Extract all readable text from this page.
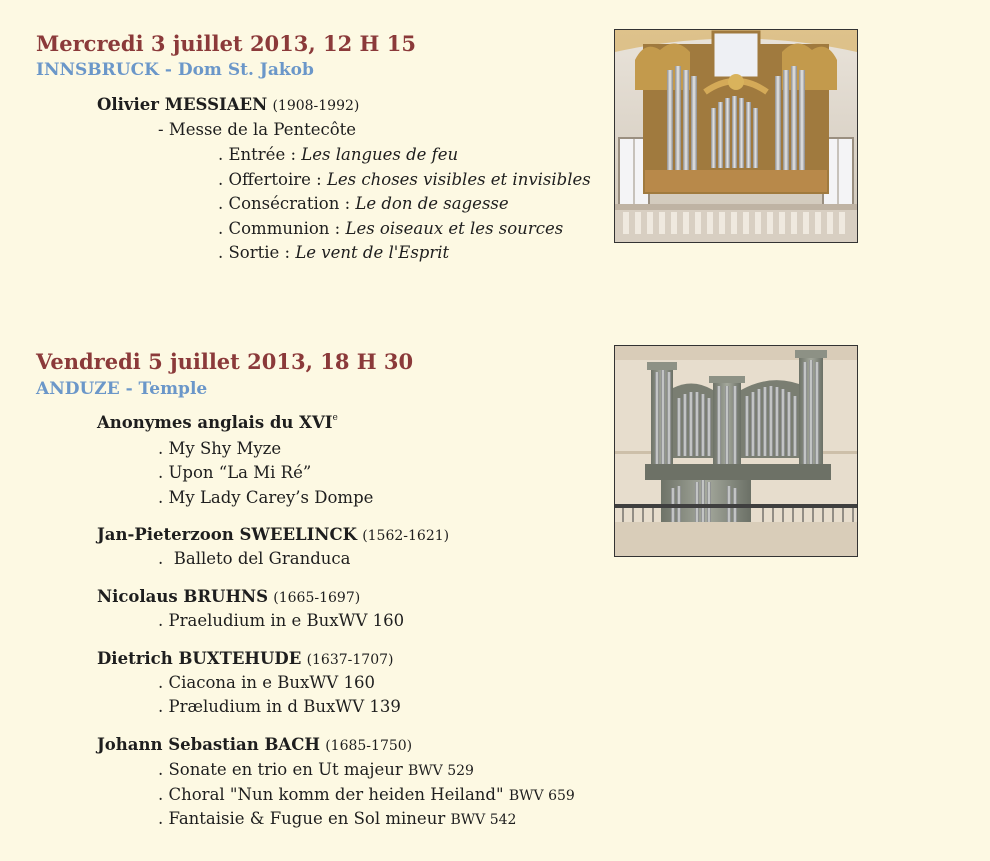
Mercredi 3 juillet 2013, 12 H 15
INNSBRUCK - Dom St. Jakob
Olivier MESSIAEN (1908-1992)
- Messe de la Pentecôte
. Entrée : Les langues de feu
. Offertoire : Les choses visibles et invisibles
. Consécration : Le don de sagesse
. Communion : Les oiseaux et les sources
. Sortie : Le vent de l'Esprit
Vendredi 5 juillet 2013, 18 H 30
ANDUZE - Temple
Anonymes anglais du XVIe
. My Shy Myze
. Upon “La Mi Ré”
. My Lady Carey’s Dompe
Jan-Pieterzoon SWEELINCK (1562-1621)
.  Balleto del Granduca
Nicolaus BRUHNS (1665-1697)
. Praeludium in e BuxWV 160
Dietrich BUXTEHUDE (1637-1707)
. Ciacona in e BuxWV 160
. Præludium in d BuxWV 139
Johann Sebastian BACH (1685-1750)
. Sonate en trio en Ut majeur BWV 529
. Choral "Nun komm der heiden Heiland" BWV 659
. Fantaisie & Fugue en Sol mineur BWV 542
